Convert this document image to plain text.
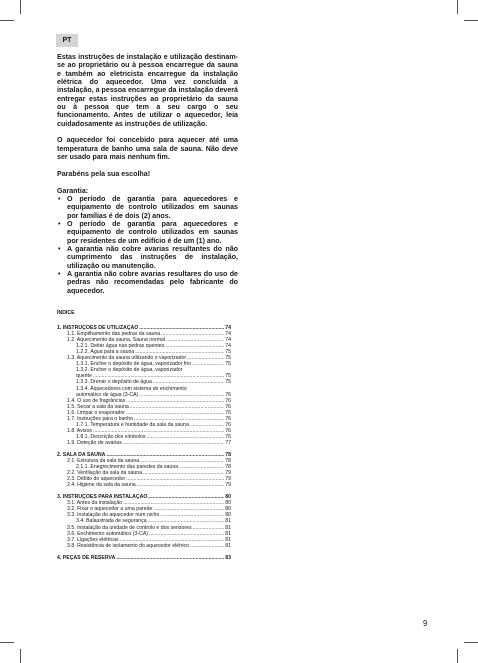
PT

Estas instruções de instalação e utilização destinam-se ao proprietário ou à pessoa encarregue da sauna e também ao eletricista encarregue da instalação elétrica do aquecedor. Uma vez concluída a instalação, a pessoa encarregue da instalação deverá entregar estas instruções ao proprietário da sauna ou à pessoa que tem a seu cargo o seu funcionamento. Antes de utilizar o aquecedor, leia cuidadosamente as instruções de utilização.

O aquecedor foi concebido para aquecer até uma temperatura de banho uma sala de sauna. Não deve ser usado para mais nenhum fim.

Parabéns pela sua escolha!

Garantia:

• O período de garantia para aquecedores e equipamento de controlo utilizados em saunas por famílias é de dois (2) anos.
• O período de garantia para aquecedores e equipamento de controlo utilizados em saunas por residentes de um edifício é de um (1) ano.
• A garantia não cobre avarias resultantes do não cumprimento das instruções de instalação, utilização ou manutenção.
• A garantia não cobre avarias resultares do uso de pedras não recomendadas pelo fabricante do aquecedor.
ÍNDICE
1. INSTRUÇÕES DE UTILIZAÇÃO .....	74
1.1. Empilhamento das pedras da sauna .....	74
1.2. Aquecimento da sauna, Sauna normal .....	74
1.2.1. Deitar água nas pedras quentes .....	74
1.2.2. Água para a sauna .....	75
1.3. Aquecimento da sauna utilizando o vaporizador .....	75
1.3.1. Encher o depósito de água, vaporizador frio .....	75
1.3.2. Encher o depósito de água, vaporizador
quente .....	75
1.3.3. Drenar o depósito de água .....	75
1.3.4. Aquecedores com sistema de enchimento
automático de água (3-CA) .....	76
1.4. O uso de fragrâncias .....	76
1.5. Secar a sala da sauna .....	76
1.6. Limpar o evaporador .....	76
1.7. Instruções para o banho .....	76
1.7.1. Temperatura e humidade da sala da sauna .....	76
1.8. Avisos .....	76
1.8.1. Descrição dos símbolos .....	76
1.9. Deteção de avarias .....	77
2. SALA DA SAUNA .....	78
2.1. Estrutura da sala da sauna .....	78
2.1.1. Enegrecimento das paredes da sauna .....	78
2.2. Ventilação da sala da sauna .....	79
2.3. Débito do aquecedor .....	79
2.4. Higiene da sala da sauna .....	79
3. INSTRUÇÕES PARA INSTALAÇÃO .....	80
3.1. Antes da instalação .....	80
3.2. Fixar o aquecedor a uma parede .....	80
3.3. Instalação do aquecedor num nicho .....	80
3.4. Balaustrada de segurança .....	81
3.5. Instalação da unidade de controlo e dos sensores .....	81
3.6. Enchimento automático (3-CA) .....	81
3.7. Ligações elétricas .....	81
3.8. Resistência de isolamento do aquecedor elétrico .....	81
4. PEÇAS DE RESERVA .....	83
9
